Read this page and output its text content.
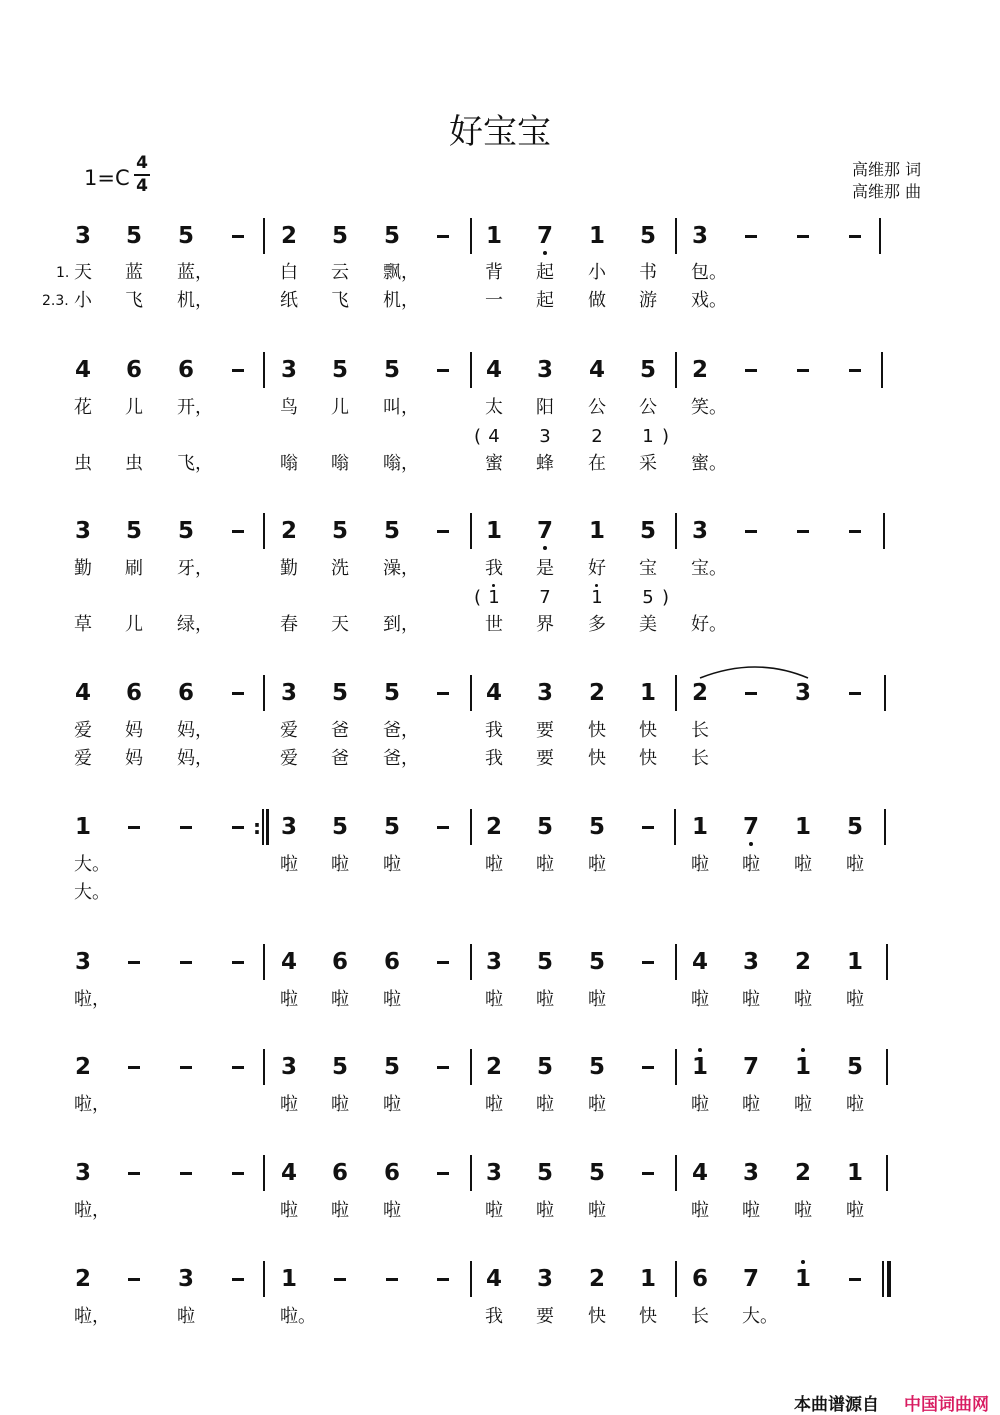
好宝宝
1=C
4
4
高维那 词
高维那 曲
3 5 5	2 5 5	1 7 1 5 3
1. 天	蓝	蓝	白	云	飘	背	起	小	书	包
，	，	。
2.3. 小	飞	机	纸	飞	机	一	起	做	游	戏
，	，	。
4 6 6	3 5 5	4 3 4 5 2
花	儿	开	鸟	儿	叫	太	阳	公	公	笑
，	，	。
虫	虫	飞	嗡	嗡	嗡	蜜	蜂	在	采	蜜
，	，	。
( 4 3 2 1 )
3 5 5	2 5 5	1 7 1 5 3
勤	刷	牙	勤	洗	澡	我	是	好	宝	宝
，	，	。
草	儿	绿	春	天	到	世	界	多	美	好
，	，	。
( 1 7 1 5 )
4 6 6	3 5 5	4 3 2 1 2	3
爱	妈	妈	爱	爸	爸	我	要	快	快	长
，	，
爱	妈	妈	爱	爸	爸	我	要	快	快	长
，	，
1	3 5 5	2 5 5	1 7 1 5
:
大	啦	啦	啦	啦	啦	啦	啦	啦	啦	啦
。
大 。
3	4 6 6	3 5 5	4 3 2 1
啦 ，	啦	啦	啦	啦	啦	啦	啦	啦	啦	啦
2	3 5 5	2 5 5	1 7 1 5
啦 ，	啦	啦	啦	啦	啦	啦	啦	啦	啦	啦
3	4 6 6	3 5 5	4 3 2 1
啦 ，	啦	啦	啦	啦	啦	啦	啦	啦	啦	啦
2	3	1	4 3 2 1 6 7 1
啦 ，	啦	啦	我	要	快	快	长	大
。	。
本曲谱源自 中国词曲网
